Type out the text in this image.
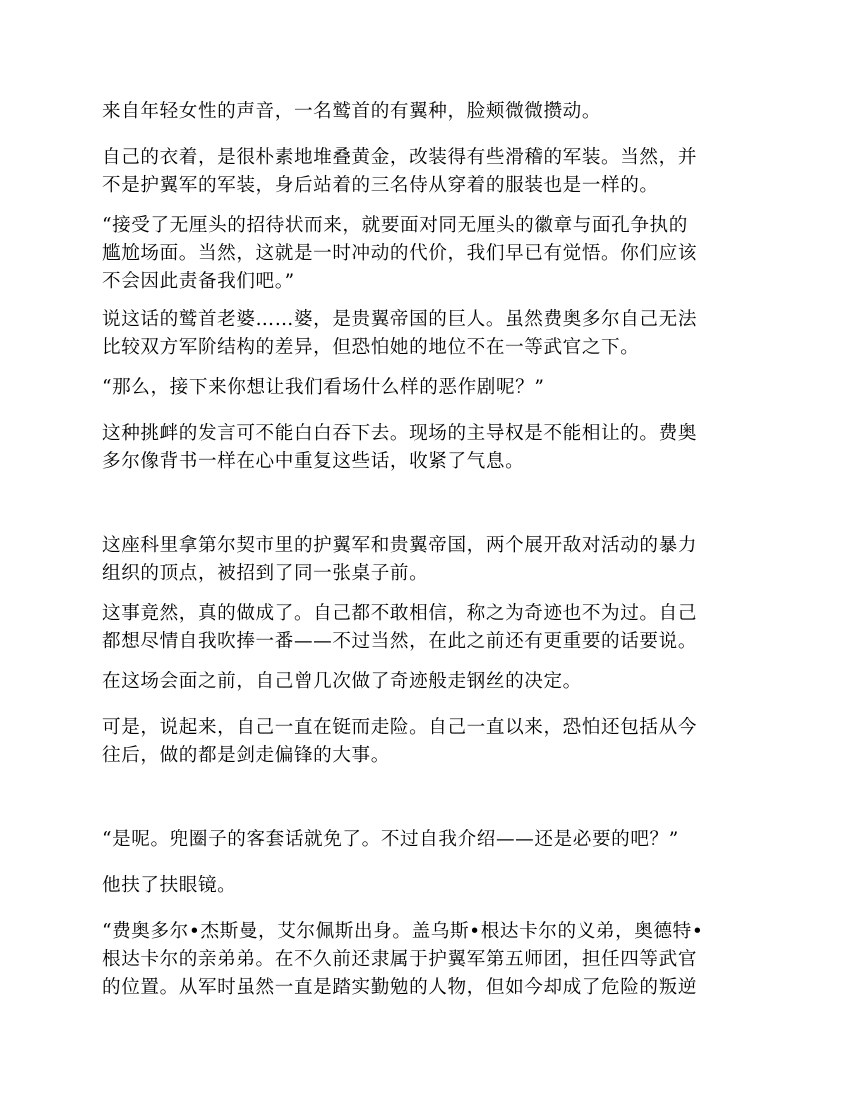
来自年轻女性的声音，一名鹫首的有翼种，脸颊微微攒动。

自己的衣着，是很朴素地堆叠黄金，改装得有些滑稽的军装。当然，并
不是护翼军的军装，身后站着的三名侍从穿着的服装也是一样的。

“接受了无厘头的招待状而来，就要面对同无厘头的徽章与面孔争执的
尴尬场面。当然，这就是一时冲动的代价，我们早已有觉悟。你们应该
不会因此责备我们吧。”

说这话的鹫首老婆……婆，是贵翼帝国的巨人。虽然费奥多尔自己无法
比较双方军阶结构的差异，但恐怕她的地位不在一等武官之下。

“那么，接下来你想让我们看场什么样的恶作剧呢？”

这种挑衅的发言可不能白白吞下去。现场的主导权是不能相让的。费奥
多尔像背书一样在心中重复这些话，收紧了气息。

这座科里拿第尔契市里的护翼军和贵翼帝国，两个展开敌对活动的暴力
组织的顶点，被招到了同一张桌子前。

这事竟然，真的做成了。自己都不敢相信，称之为奇迹也不为过。自己
都想尽情自我吹捧一番——不过当然，在此之前还有更重要的话要说。

在这场会面之前，自己曾几次做了奇迹般走钢丝的决定。

可是，说起来，自己一直在铤而走险。自己一直以来，恐怕还包括从今
往后，做的都是剑走偏锋的大事。

“是呢。兜圈子的客套话就免了。不过自我介绍——还是必要的吧？”

他扶了扶眼镜。

“费奥多尔•杰斯曼，艾尔佩斯出身。盖乌斯•根达卡尔的义弟，奥德特•
根达卡尔的亲弟弟。在不久前还隶属于护翼军第五师团，担任四等武官
的位置。从军时虽然一直是踏实勤勉的人物，但如今却成了危险的叛逆
